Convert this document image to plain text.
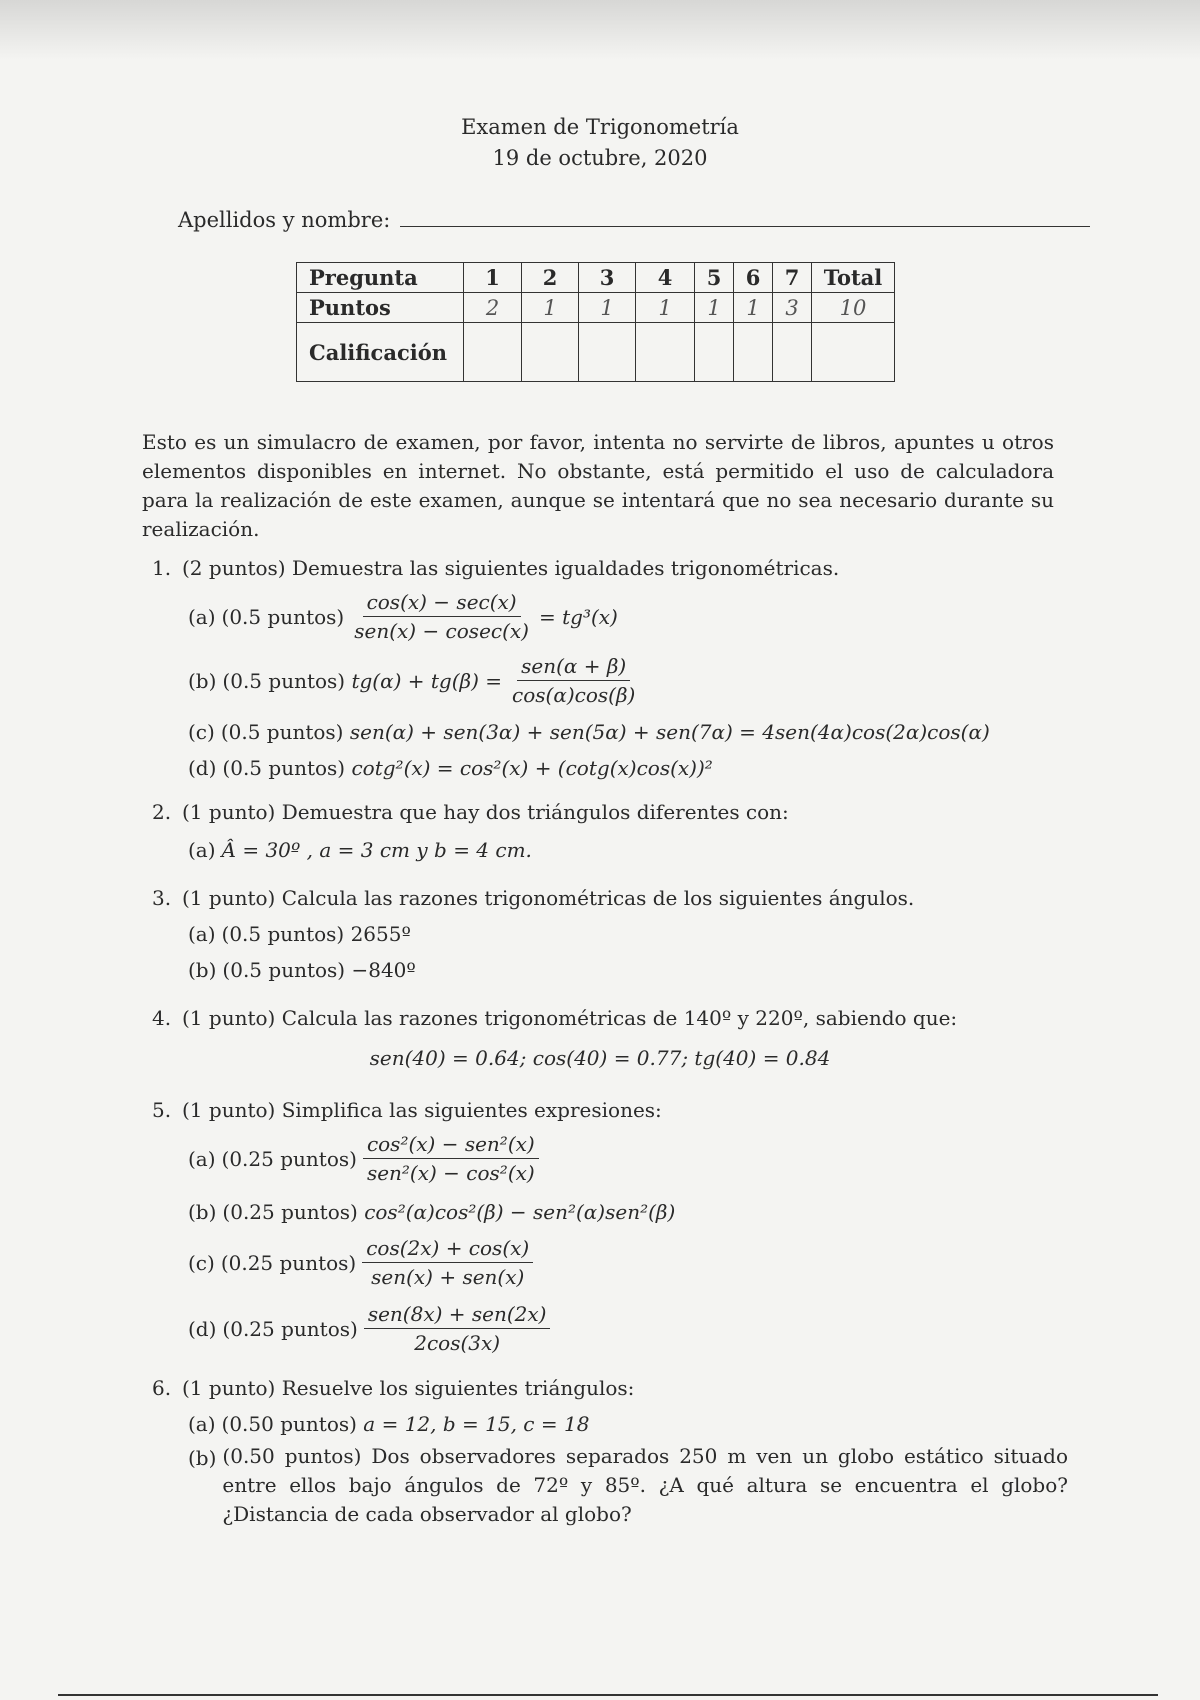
Examen de Trigonometría
19 de octubre, 2020
Apellidos y nombre:
Pregunta	1	2	3	4	5	6	7	Total
Puntos	2	1	1	1	1	1	3	10
Calificación								
Esto es un simulacro de examen, por favor, intenta no servirte de libros, apuntes u otros elementos disponibles en internet. No obstante, está permitido el uso de calculadora para la realización de este examen, aunque se intentará que no sea necesario durante su realización.
1. (2 puntos) Demuestra las siguientes igualdades trigonométricas.
(a) (0.5 puntos) $\frac{\cos(x) - \sec(x)}{\text{sen(x) − cosec(x)}} = tg^3(x)$
(b) (0.5 puntos)
$tg(\alpha) + tg(\beta) = \frac{\text{sen(α + β)}}{\cos(\alpha)\cos(\beta)}$
(c) (0.5 puntos)
sen(α) + sen(3α) + sen(5α) + sen(7α) = 4sen(4α)cos(2α)cos(α)
(d) (0.5 puntos)
cotg²(x) = cos²(x) + (cotg(x)cos(x))²
2. (1 punto) Demuestra que hay dos triángulos diferentes con:
(a) Â = 30º , a = 3 cm y b = 4 cm.
3. (1 punto) Calcula las razones trigonométricas de los siguientes ángulos.
(a) (0.5 puntos)
2655º
(b) (0.5 puntos)
−840º
4. (1 punto) Calcula las razones trigonométricas de 140º y 220º, sabiendo que:
sen(40) = 0.64; cos(40) = 0.77; tg(40) = 0.84
5. (1 punto) Simplifica las siguientes expresiones:
(a) (0.25 puntos) $\frac{\text{cos²(x) − sen²(x)}}{\text{sen²(x) − cos²(x)}}$
(b) (0.25 puntos)
cos²(α)cos²(β) − sen²(α)sen²(β)
(c) (0.25 puntos) $\frac{\cos(2x) + \cos(x)}{\text{sen(x) + sen(x)}}$
(d) (0.25 puntos) $\frac{\text{sen(8x) + sen(2x)}}{2\cos(3x)}$
6. (1 punto) Resuelve los siguientes triángulos:
(a) (0.50 puntos)
a = 12, b = 15, c = 18
(b) (0.50 puntos) Dos observadores separados 250 m ven un globo estático situado entre ellos bajo ángulos de 72º y 85º. ¿A qué altura se encuentra el globo?¿Distancia de cada observador al globo?
